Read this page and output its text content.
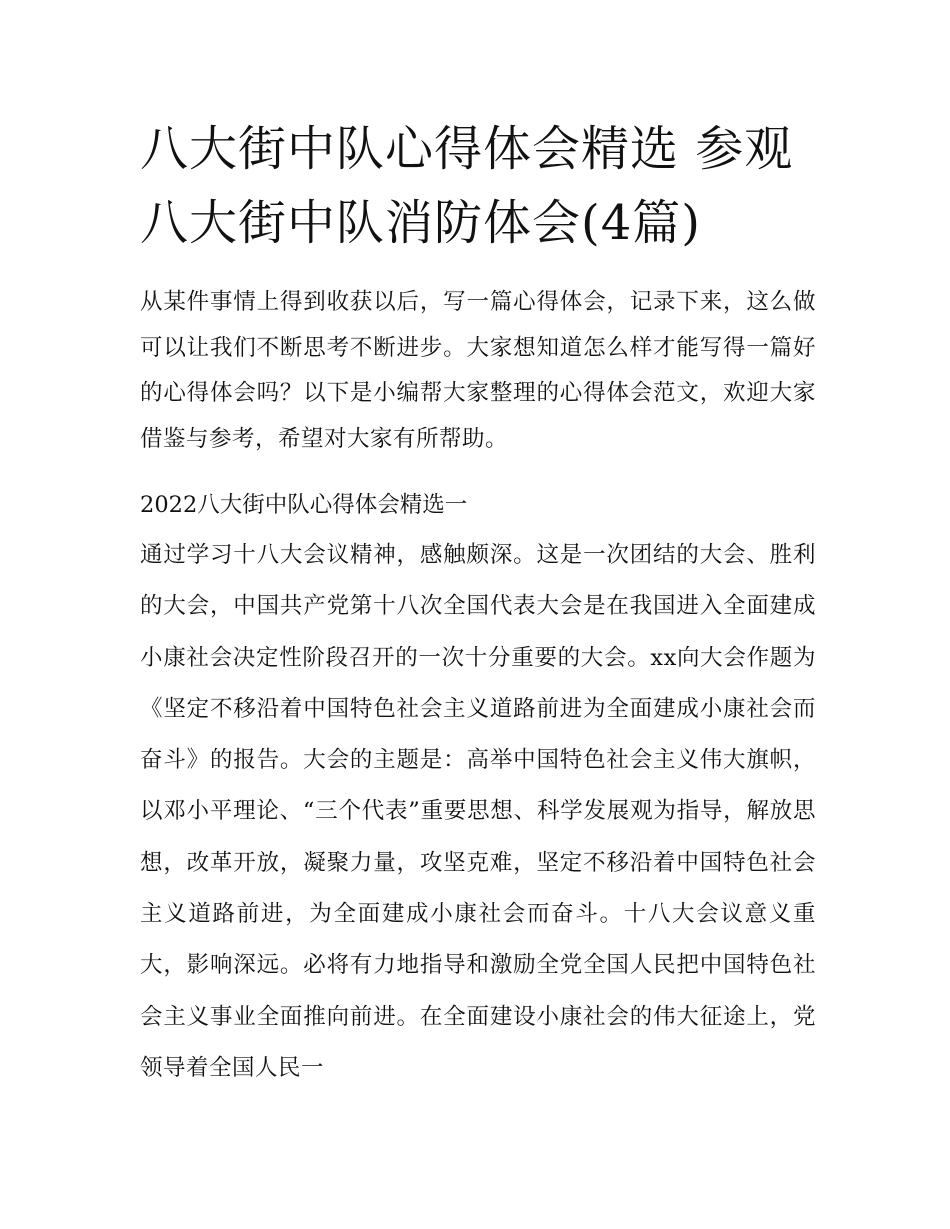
八大街中队心得体会精选 参观八大街中队消防体会(4篇)

从某件事情上得到收获以后，写一篇心得体会，记录下来，这么做可以让我们不断思考不断进步。大家想知道怎么样才能写得一篇好的心得体会吗？以下是小编帮大家整理的心得体会范文，欢迎大家借鉴与参考，希望对大家有所帮助。

2022八大街中队心得体会精选一

通过学习十八大会议精神，感触颇深。这是一次团结的大会、胜利的大会，中国共产党第十八次全国代表大会是在我国进入全面建成小康社会决定性阶段召开的一次十分重要的大会。xx向大会作题为《坚定不移沿着中国特色社会主义道路前进为全面建成小康社会而奋斗》的报告。大会的主题是：高举中国特色社会主义伟大旗帜，以邓小平理论、“三个代表”重要思想、科学发展观为指导，解放思想，改革开放，凝聚力量，攻坚克难，坚定不移沿着中国特色社会主义道路前进，为全面建成小康社会而奋斗。十八大会议意义重大，影响深远。必将有力地指导和激励全党全国人民把中国特色社会主义事业全面推向前进。在全面建设小康社会的伟大征途上，党领导着全国人民一
